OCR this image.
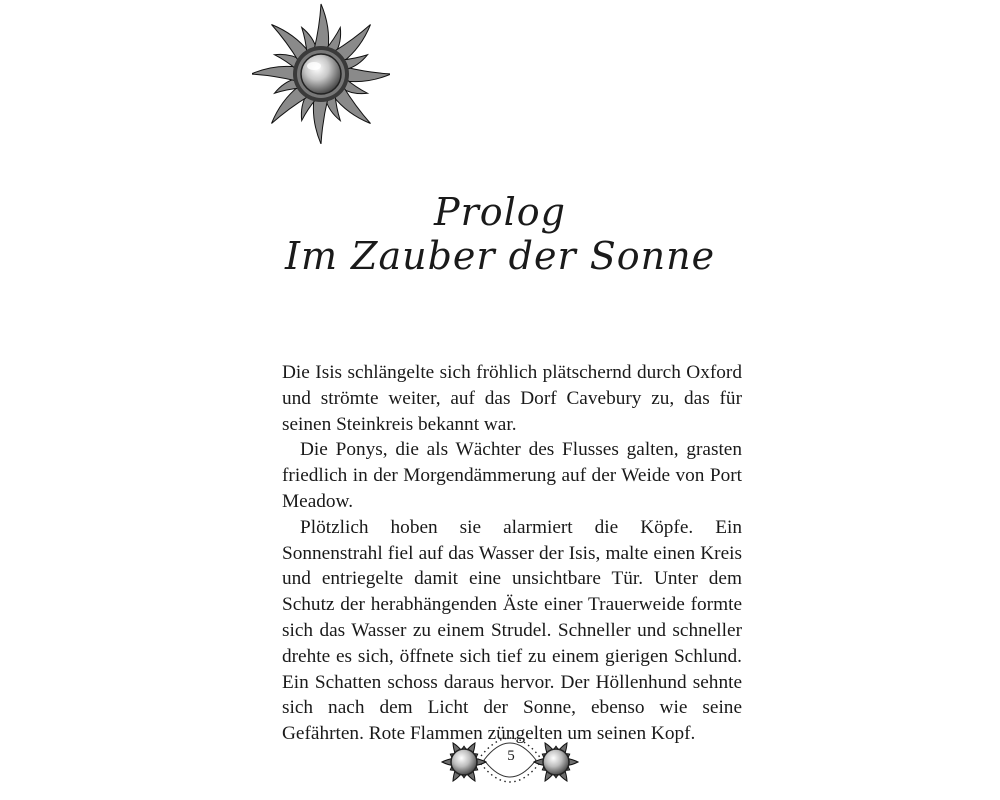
Prolog
Im Zauber der Sonne

Die Isis schlängelte sich fröhlich plätschernd durch Oxford und strömte weiter, auf das Dorf Cavebury zu, das für seinen Steinkreis bekannt war.

Die Ponys, die als Wächter des Flusses galten, grasten friedlich in der Morgendämmerung auf der Weide von Port Meadow.

Plötzlich hoben sie alarmiert die Köpfe. Ein Sonnenstrahl fiel auf das Wasser der Isis, malte einen Kreis und entriegelte damit eine unsichtbare Tür. Unter dem Schutz der herabhängenden Äste einer Trauerweide formte sich das Wasser zu einem Strudel. Schneller und schneller drehte es sich, öffnete sich tief zu einem gierigen Schlund. Ein Schatten schoss daraus hervor. Der Höllenhund sehnte sich nach dem Licht der Sonne, ebenso wie seine Gefährten. Rote Flammen züngelten um seinen Kopf.

5
